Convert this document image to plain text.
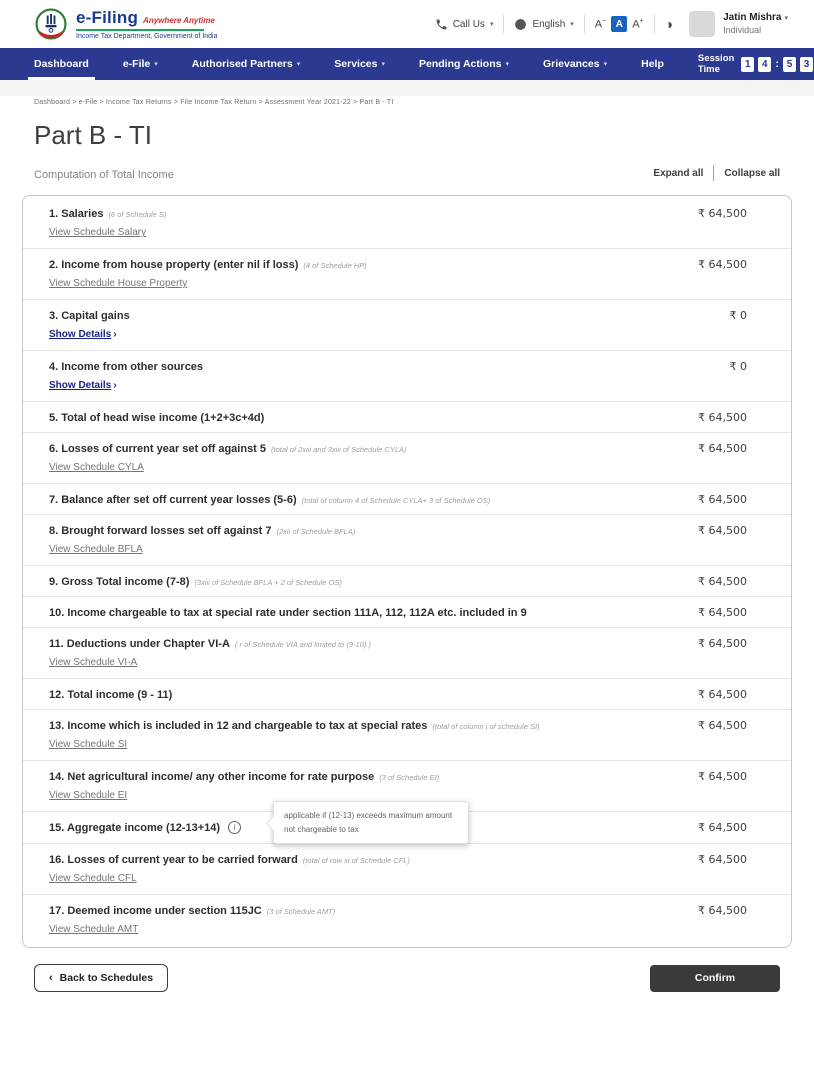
e-Filing Anywhere Anytime
Income Tax Department, Government of India
Call Us ▾	English ▾ A− A A+ ◑	Jatin Mishra ▾
Individual
Dashboard	e-File ▾	Authorised Partners ▾	Services ▾	Pending Actions ▾	Grievances ▾	Help	Session Time	1	4 : 5	3
Dashboard > e-File > Income Tax Returns > File Income Tax Return > Assessment Year 2021-22 > Part B - TI
Part B - TI
Computation of Total Income	Expand all Collapse all
1. Salaries (6 of Schedule S)	₹ 64,500
View Schedule Salary
2. Income from house property (enter nil if loss) (4 of Schedule HP)	₹ 64,500
View Schedule House Property
3. Capital gains	₹ 0
Show Details›
4. Income from other sources	₹ 0
Show Details›
5. Total of head wise income (1+2+3c+4d)	₹ 64,500
6. Losses of current year set off against 5 (total of 2xiii and 3xiii of Schedule CYLA)	₹ 64,500
View Schedule CYLA
7. Balance after set off current year losses (5-6) (total of column 4 of Schedule CYLA+ 3 of Schedule OS)	₹ 64,500
8. Brought forward losses set off against 7 (2xii of Schedule BFLA)	₹ 64,500
View Schedule BFLA
9. Gross Total income (7-8) (3xiii of Schedule BFLA + 2 of Schedule OS)	₹ 64,500
10. Income chargeable to tax at special rate under section 111A, 112, 112A etc. included in 9	₹ 64,500
11. Deductions under Chapter VI-A ( r of Schedule VIA and limited to (9-10) )	₹ 64,500
View Schedule VI-A
12. Total income (9 - 11)	₹ 64,500
13. Income which is included in 12 and chargeable to tax at special rates (total of column i of schedule SI)	₹ 64,500
View Schedule SI
14. Net agricultural income/ any other income for rate purpose (3 of Schedule EI)	₹ 64,500
View Schedule EI
15. Aggregate income (12-13+14)	i	₹ 64,500
applicable if (12-13) exceeds maximum amount not chargeable to tax
16. Losses of current year to be carried forward (total of row xi of Schedule CFL)	₹ 64,500
View Schedule CFL
17. Deemed income under section 115JC (3 of Schedule AMT)	₹ 64,500
View Schedule AMT
‹ Back to Schedules	Confirm
